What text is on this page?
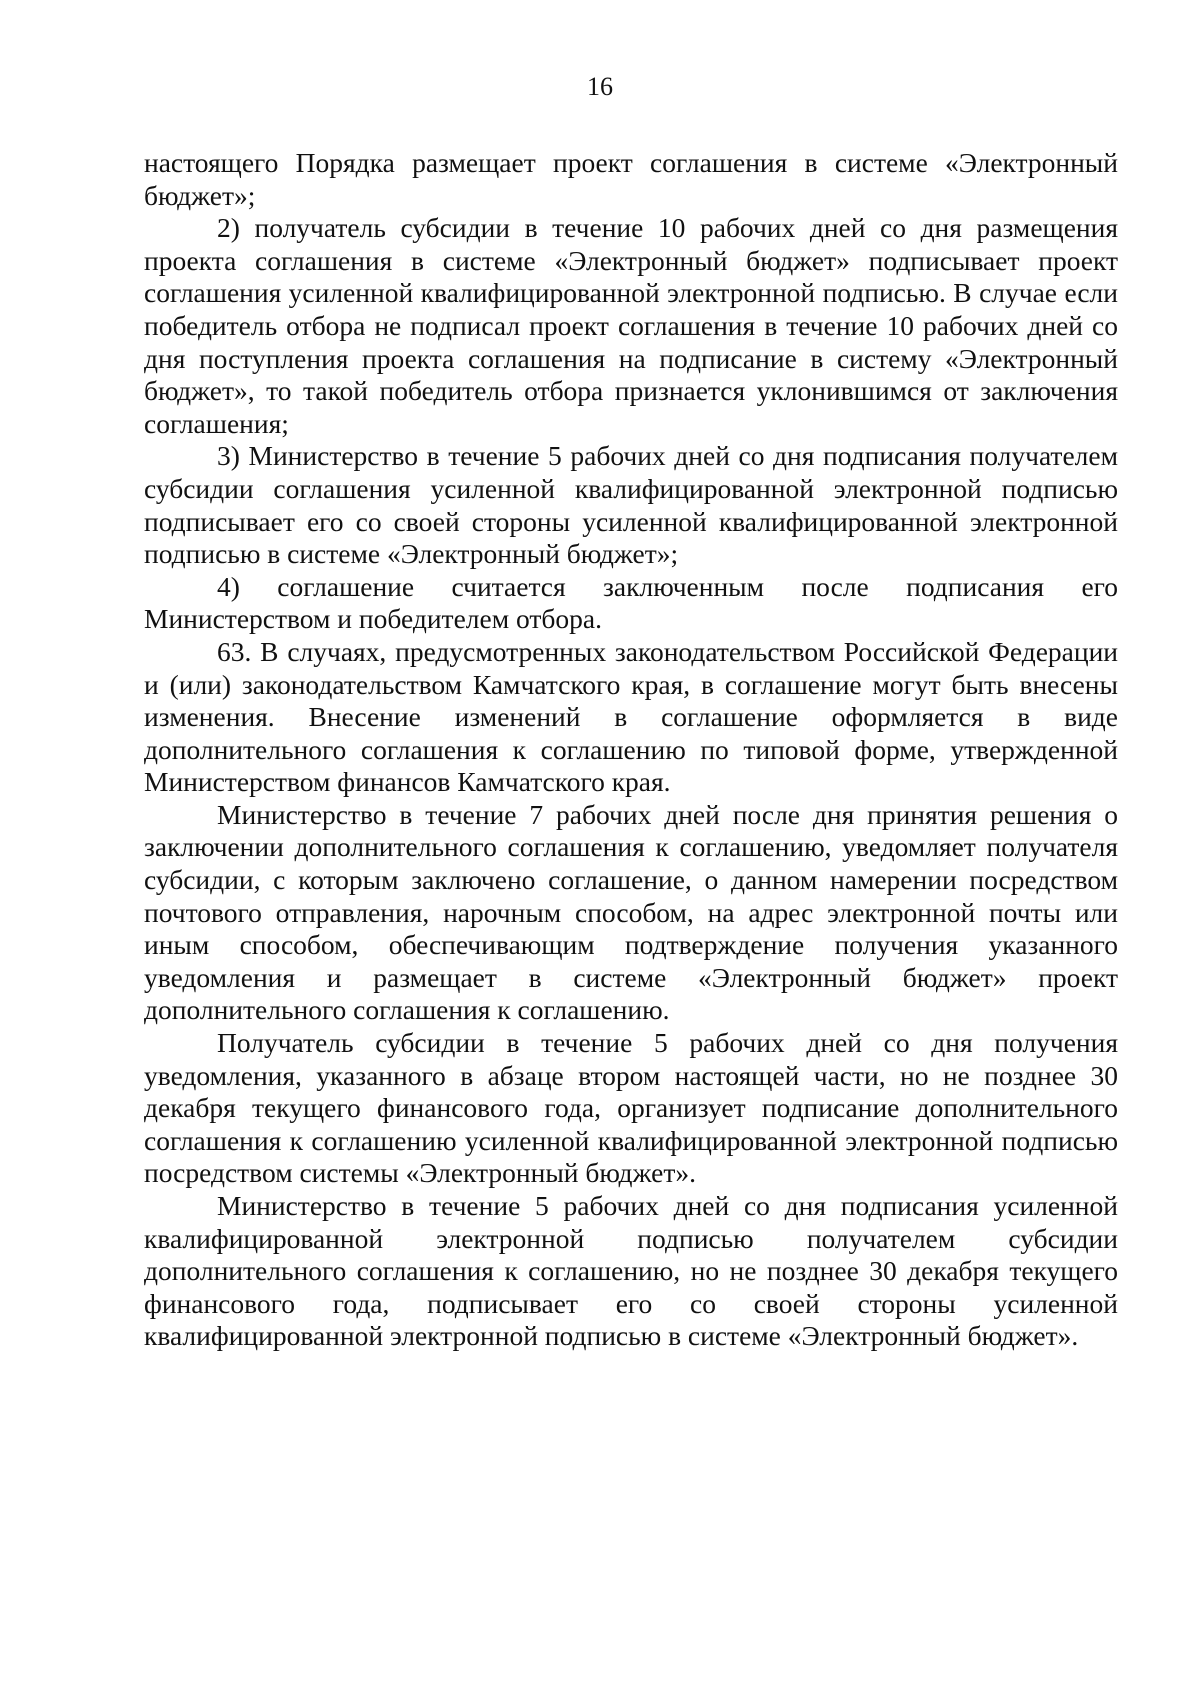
16

настоящего Порядка размещает проект соглашения в системе «Электронный бюджет»;

2) получатель субсидии в течение 10 рабочих дней со дня размещения проекта соглашения в системе «Электронный бюджет» подписывает проект соглашения усиленной квалифицированной электронной подписью. В случае если победитель отбора не подписал проект соглашения в течение 10 рабочих дней со дня поступления проекта соглашения на подписание в систему «Электронный бюджет», то такой победитель отбора признается уклонившимся от заключения соглашения;

3) Министерство в течение 5 рабочих дней со дня подписания получателем субсидии соглашения усиленной квалифицированной электронной подписью подписывает его со своей стороны усиленной квалифицированной электронной подписью в системе «Электронный бюджет»;

4) соглашение считается заключенным после подписания его Министерством и победителем отбора.

63. В случаях, предусмотренных законодательством Российской Федерации и (или) законодательством Камчатского края, в соглашение могут быть внесены изменения. Внесение изменений в соглашение оформляется в виде дополнительного соглашения к соглашению по типовой форме, утвержденной Министерством финансов Камчатского края.

Министерство в течение 7 рабочих дней после дня принятия решения о заключении дополнительного соглашения к соглашению, уведомляет получателя субсидии, с которым заключено соглашение, о данном намерении посредством почтового отправления, нарочным способом, на адрес электронной почты или иным способом, обеспечивающим подтверждение получения указанного уведомления и размещает в системе «Электронный бюджет» проект дополнительного соглашения к соглашению.

Получатель субсидии в течение 5 рабочих дней со дня получения уведомления, указанного в абзаце втором настоящей части, но не позднее 30 декабря текущего финансового года, организует подписание дополнительного соглашения к соглашению усиленной квалифицированной электронной подписью посредством системы «Электронный бюджет».

Министерство в течение 5 рабочих дней со дня подписания усиленной квалифицированной электронной подписью получателем субсидии дополнительного соглашения к соглашению, но не позднее 30 декабря текущего финансового года, подписывает его со своей стороны усиленной квалифицированной электронной подписью в системе «Электронный бюджет».
